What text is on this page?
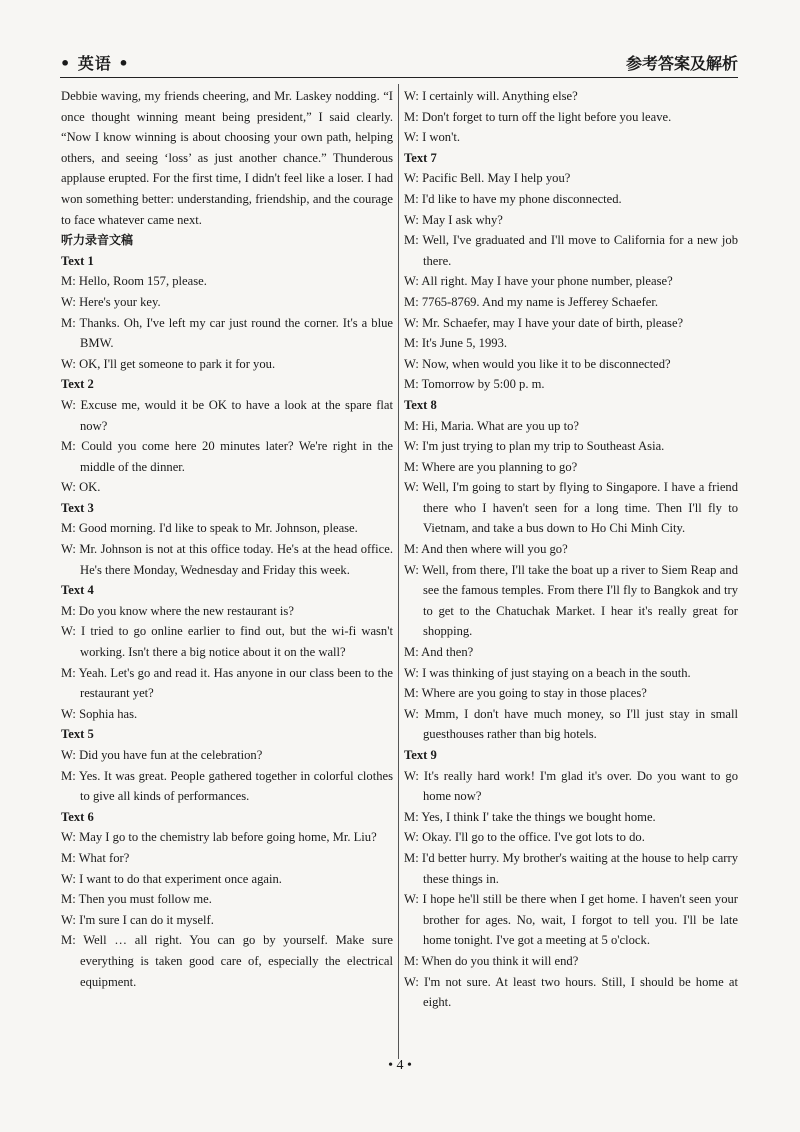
• 英语 •	参考答案及解析
Debbie waving, my friends cheering, and Mr. Laskey nodding. “I once thought winning meant being president,” I said clearly. “Now I know winning is about choosing your own path, helping others, and seeing ‘loss’ as just another chance.” Thunderous applause erupted. For the first time, I didn't feel like a loser. I had won something better: understanding, friendship, and the courage to face whatever came next.
听力录音文稿
Text 1
M: Hello, Room 157, please.
W: Here's your key.
M: Thanks. Oh, I've left my car just round the corner. It's a blue BMW.
W: OK, I'll get someone to park it for you.
Text 2
W: Excuse me, would it be OK to have a look at the spare flat now?
M: Could you come here 20 minutes later? We're right in the middle of the dinner.
W: OK.
Text 3
M: Good morning. I'd like to speak to Mr. Johnson, please.
W: Mr. Johnson is not at this office today. He's at the head office. He's there Monday, Wednesday and Friday this week.
Text 4
M: Do you know where the new restaurant is?
W: I tried to go online earlier to find out, but the wi-fi wasn't working. Isn't there a big notice about it on the wall?
M: Yeah. Let's go and read it. Has anyone in our class been to the restaurant yet?
W: Sophia has.
Text 5
W: Did you have fun at the celebration?
M: Yes. It was great. People gathered together in colorful clothes to give all kinds of performances.
Text 6
W: May I go to the chemistry lab before going home, Mr. Liu?
M: What for?
W: I want to do that experiment once again.
M: Then you must follow me.
W: I'm sure I can do it myself.
M: Well … all right. You can go by yourself. Make sure everything is taken good care of, especially the electrical equipment.
W: I certainly will. Anything else?
M: Don't forget to turn off the light before you leave.
W: I won't.
Text 7
W: Pacific Bell. May I help you?
M: I'd like to have my phone disconnected.
W: May I ask why?
M: Well, I've graduated and I'll move to California for a new job there.
W: All right. May I have your phone number, please?
M: 7765-8769. And my name is Jefferey Schaefer.
W: Mr. Schaefer, may I have your date of birth, please?
M: It's June 5, 1993.
W: Now, when would you like it to be disconnected?
M: Tomorrow by 5:00 p. m.
Text 8
M: Hi, Maria. What are you up to?
W: I'm just trying to plan my trip to Southeast Asia.
M: Where are you planning to go?
W: Well, I'm going to start by flying to Singapore. I have a friend there who I haven't seen for a long time. Then I'll fly to Vietnam, and take a bus down to Ho Chi Minh City.
M: And then where will you go?
W: Well, from there, I'll take the boat up a river to Siem Reap and see the famous temples. From there I'll fly to Bangkok and try to get to the Chatuchak Market. I hear it's really great for shopping.
M: And then?
W: I was thinking of just staying on a beach in the south.
M: Where are you going to stay in those places?
W: Mmm, I don't have much money, so I'll just stay in small guesthouses rather than big hotels.
Text 9
W: It's really hard work! I'm glad it's over. Do you want to go home now?
M: Yes, I think I' take the things we bought home.
W: Okay. I'll go to the office. I've got lots to do.
M: I'd better hurry. My brother's waiting at the house to help carry these things in.
W: I hope he'll still be there when I get home. I haven't seen your brother for ages. No, wait, I forgot to tell you. I'll be late home tonight. I've got a meeting at 5 o'clock.
M: When do you think it will end?
W: I'm not sure. At least two hours. Still, I should be home at eight.
• 4 •
